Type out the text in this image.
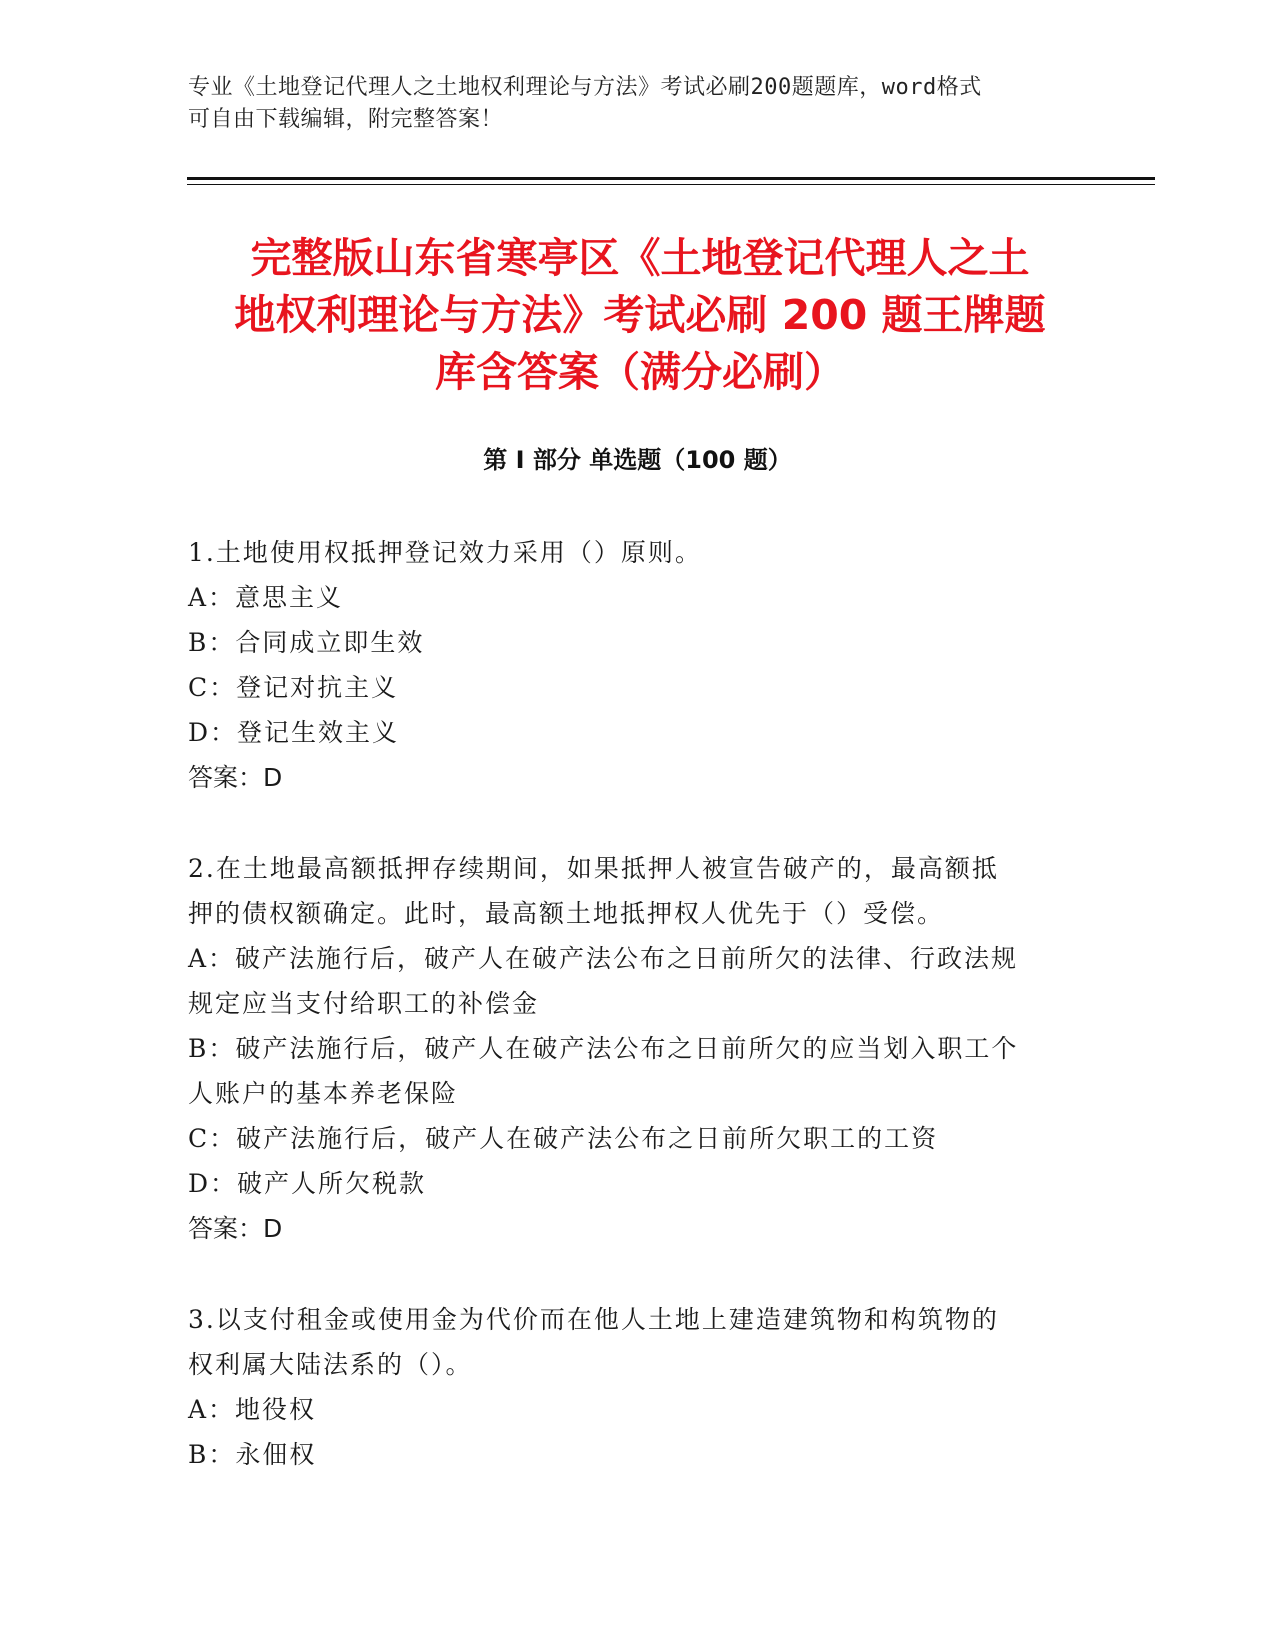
专业《土地登记代理人之土地权利理论与方法》考试必刷200题题库，word格式
可自由下载编辑，附完整答案！
完整版山东省寒亭区《土地登记代理人之土
地权利理论与方法》考试必刷 200 题王牌题
库含答案（满分必刷）
第 I 部分 单选题（100 题）
1.土地使用权抵押登记效力采用（）原则。
A：意思主义
B：合同成立即生效
C：登记对抗主义
D：登记生效主义
答案：D
2.在土地最高额抵押存续期间，如果抵押人被宣告破产的，最高额抵
押的债权额确定。此时，最高额土地抵押权人优先于（）受偿。
A：破产法施行后，破产人在破产法公布之日前所欠的法律、行政法规
规定应当支付给职工的补偿金
B：破产法施行后，破产人在破产法公布之日前所欠的应当划入职工个
人账户的基本养老保险
C：破产法施行后，破产人在破产法公布之日前所欠职工的工资
D：破产人所欠税款
答案：D
3.以支付租金或使用金为代价而在他人土地上建造建筑物和构筑物的
权利属大陆法系的（）。
A：地役权
B：永佃权
